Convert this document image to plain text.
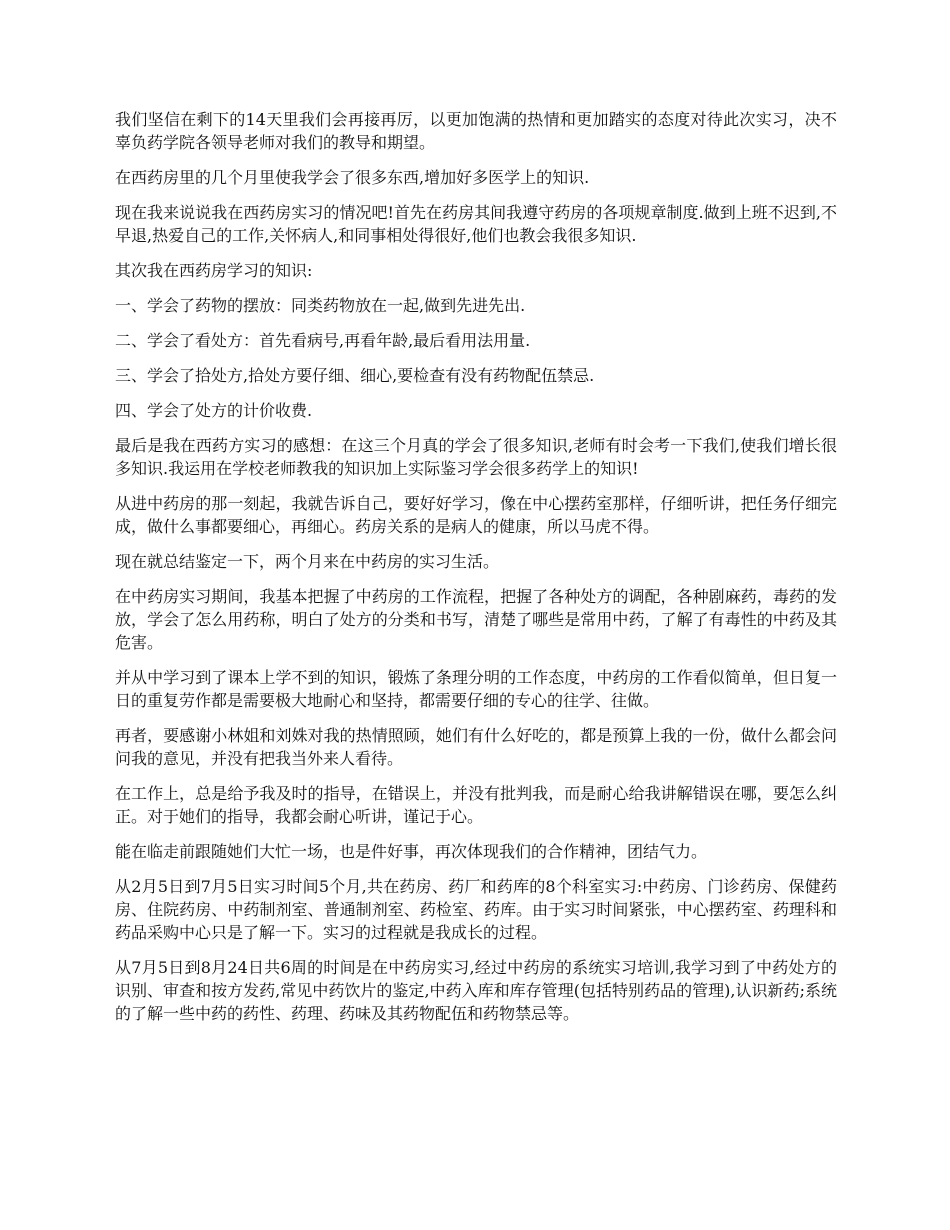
我们坚信在剩下的14天里我们会再接再厉，以更加饱满的热情和更加踏实的态度对待此次实习，决不辜负药学院各领导老师对我们的教导和期望。

在西药房里的几个月里使我学会了很多东西,增加好多医学上的知识.

现在我来说说我在西药房实习的情况吧!首先在药房其间我遵守药房的各项规章制度.做到上班不迟到,不早退,热爱自己的工作,关怀病人,和同事相处得很好,他们也教会我很多知识.

其次我在西药房学习的知识:

一、学会了药物的摆放：同类药物放在一起,做到先进先出.

二、学会了看处方：首先看病号,再看年龄,最后看用法用量.

三、学会了拾处方,拾处方要仔细、细心,要检查有没有药物配伍禁忌.

四、学会了处方的计价收费.

最后是我在西药方实习的感想：在这三个月真的学会了很多知识,老师有时会考一下我们,使我们增长很多知识.我运用在学校老师教我的知识加上实际鉴习学会很多药学上的知识!

从进中药房的那一刻起，我就告诉自己，要好好学习，像在中心摆药室那样，仔细听讲，把任务仔细完成，做什么事都要细心，再细心。药房关系的是病人的健康，所以马虎不得。

现在就总结鉴定一下，两个月来在中药房的实习生活。

在中药房实习期间，我基本把握了中药房的工作流程，把握了各种处方的调配，各种剧麻药，毒药的发放，学会了怎么用药称，明白了处方的分类和书写，清楚了哪些是常用中药，了解了有毒性的中药及其危害。

并从中学习到了课本上学不到的知识，锻炼了条理分明的工作态度，中药房的工作看似简单，但日复一日的重复劳作都是需要极大地耐心和坚持，都需要仔细的专心的往学、往做。

再者，要感谢小林姐和刘姝对我的热情照顾，她们有什么好吃的，都是预算上我的一份，做什么都会问问我的意见，并没有把我当外来人看待。

在工作上，总是给予我及时的指导，在错误上，并没有批判我，而是耐心给我讲解错误在哪，要怎么纠正。对于她们的指导，我都会耐心听讲，谨记于心。

能在临走前跟随她们大忙一场，也是件好事，再次体现我们的合作精神，团结气力。

从2月5日到7月5日实习时间5个月,共在药房、药厂和药库的8个科室实习:中药房、门诊药房、保健药房、住院药房、中药制剂室、普通制剂室、药检室、药库。由于实习时间紧张，中心摆药室、药理科和药品采购中心只是了解一下。实习的过程就是我成长的过程。

从7月5日到8月24日共6周的时间是在中药房实习,经过中药房的系统实习培训,我学习到了中药处方的识别、审查和按方发药,常见中药饮片的鉴定,中药入库和库存管理(包括特别药品的管理),认识新药;系统的了解一些中药的药性、药理、药味及其药物配伍和药物禁忌等。
